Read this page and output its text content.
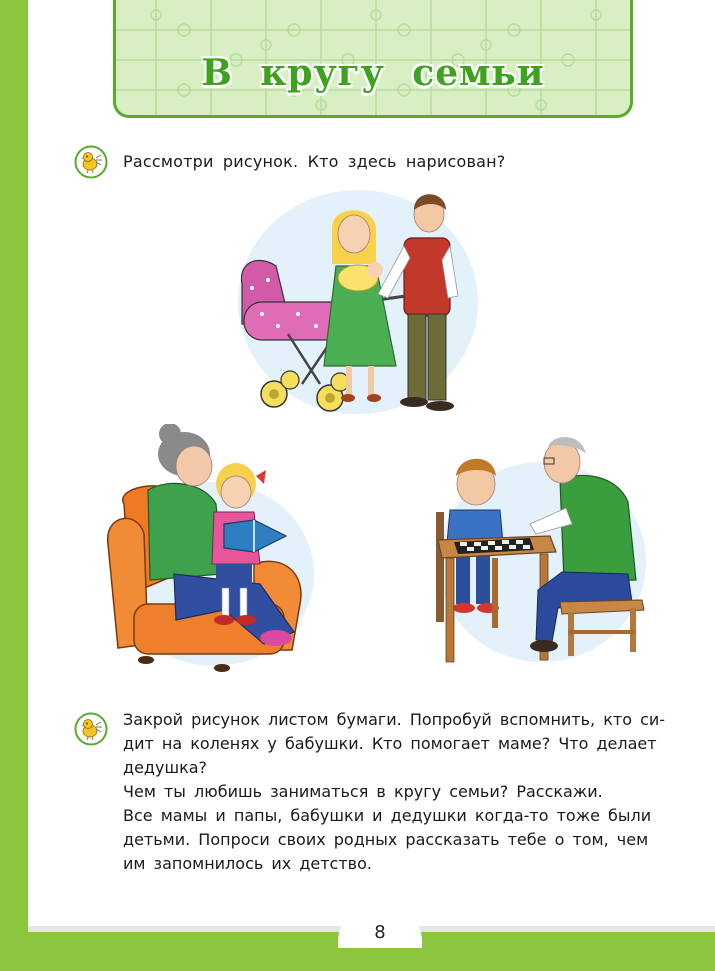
В кругу семьи
Рассмотри рисунок. Кто здесь нарисован?

Закрой рисунок листом бумаги. Попробуй вспомнить, кто си-

дит на коленях у бабушки. Кто помогает маме? Что делает

дедушка?

Чем ты любишь заниматься в кругу семьи? Расскажи.

Все мамы и папы, бабушки и дедушки когда-то тоже были

детьми. Попроси своих родных рассказать тебе о том, чем

им запомнилось их детство.

8
